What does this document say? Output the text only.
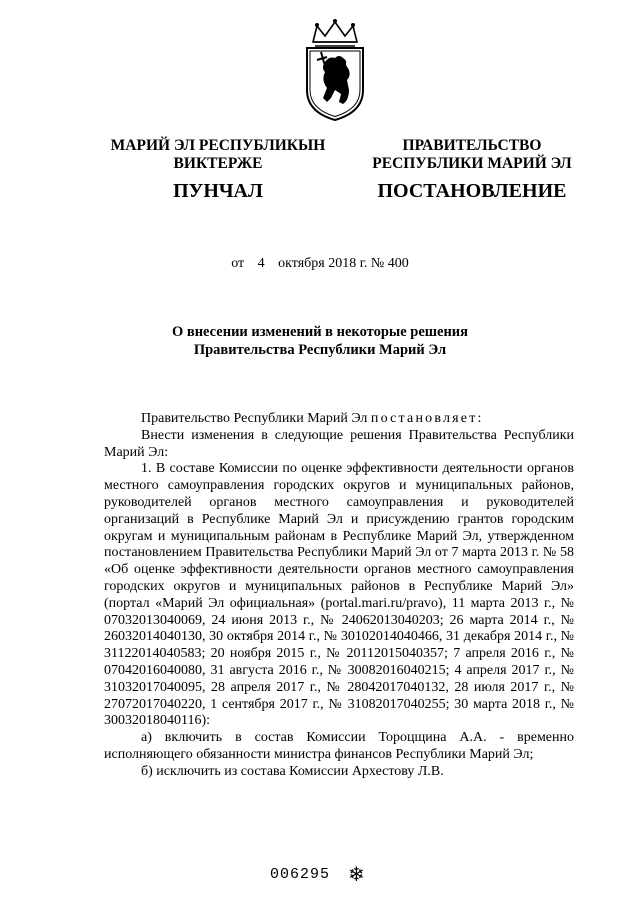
МАРИЙ ЭЛ РЕСПУБЛИКЫН
ВИКТЕРЖЕ
ПРАВИТЕЛЬСТВО
РЕСПУБЛИКИ МАРИЙ ЭЛ
ПУНЧАЛ	ПОСТАНОВЛЕНИЕ
от 4 октября 2018 г. № 400
О внесении изменений в некоторые решения
Правительства Республики Марий Эл

Правительство Республики Марий Эл постановляет:

Внести изменения в следующие решения Правительства Республики Марий Эл:

1. В составе Комиссии по оценке эффективности деятельности органов местного самоуправления городских округов и муниципальных районов, руководителей органов местного самоуправления и руководителей организаций в Республике Марий Эл и присуждению грантов городским округам и муниципальным районам в Республике Марий Эл, утвержденном постановлением Правительства Республики Марий Эл от 7 марта 2013 г. № 58 «Об оценке эффективности деятельности органов местного самоуправления городских округов и муниципальных районов в Республике Марий Эл» (портал «Марий Эл официальная» (portal.mari.ru/pravo), 11 марта 2013 г., № 07032013040069, 24 июня 2013 г., № 24062013040203; 26 марта 2014 г., № 26032014040130, 30 октября 2014 г., № 30102014040466, 31 декабря 2014 г., № 31122014040583; 20 ноября 2015 г., № 20112015040357; 7 апреля 2016 г., № 07042016040080, 31 августа 2016 г., № 30082016040215; 4 апреля 2017 г., № 31032017040095, 28 апреля 2017 г., № 28042017040132, 28 июля 2017 г., № 27072017040220, 1 сентября 2017 г., № 31082017040255; 30 марта 2018 г., № 30032018040116):

а) включить в состав Комиссии Тороцщина А.А. - временно исполняющего обязанности министра финансов Республики Марий Эл;

б) исключить из состава Комиссии Архестову Л.В.

006295 ❄
